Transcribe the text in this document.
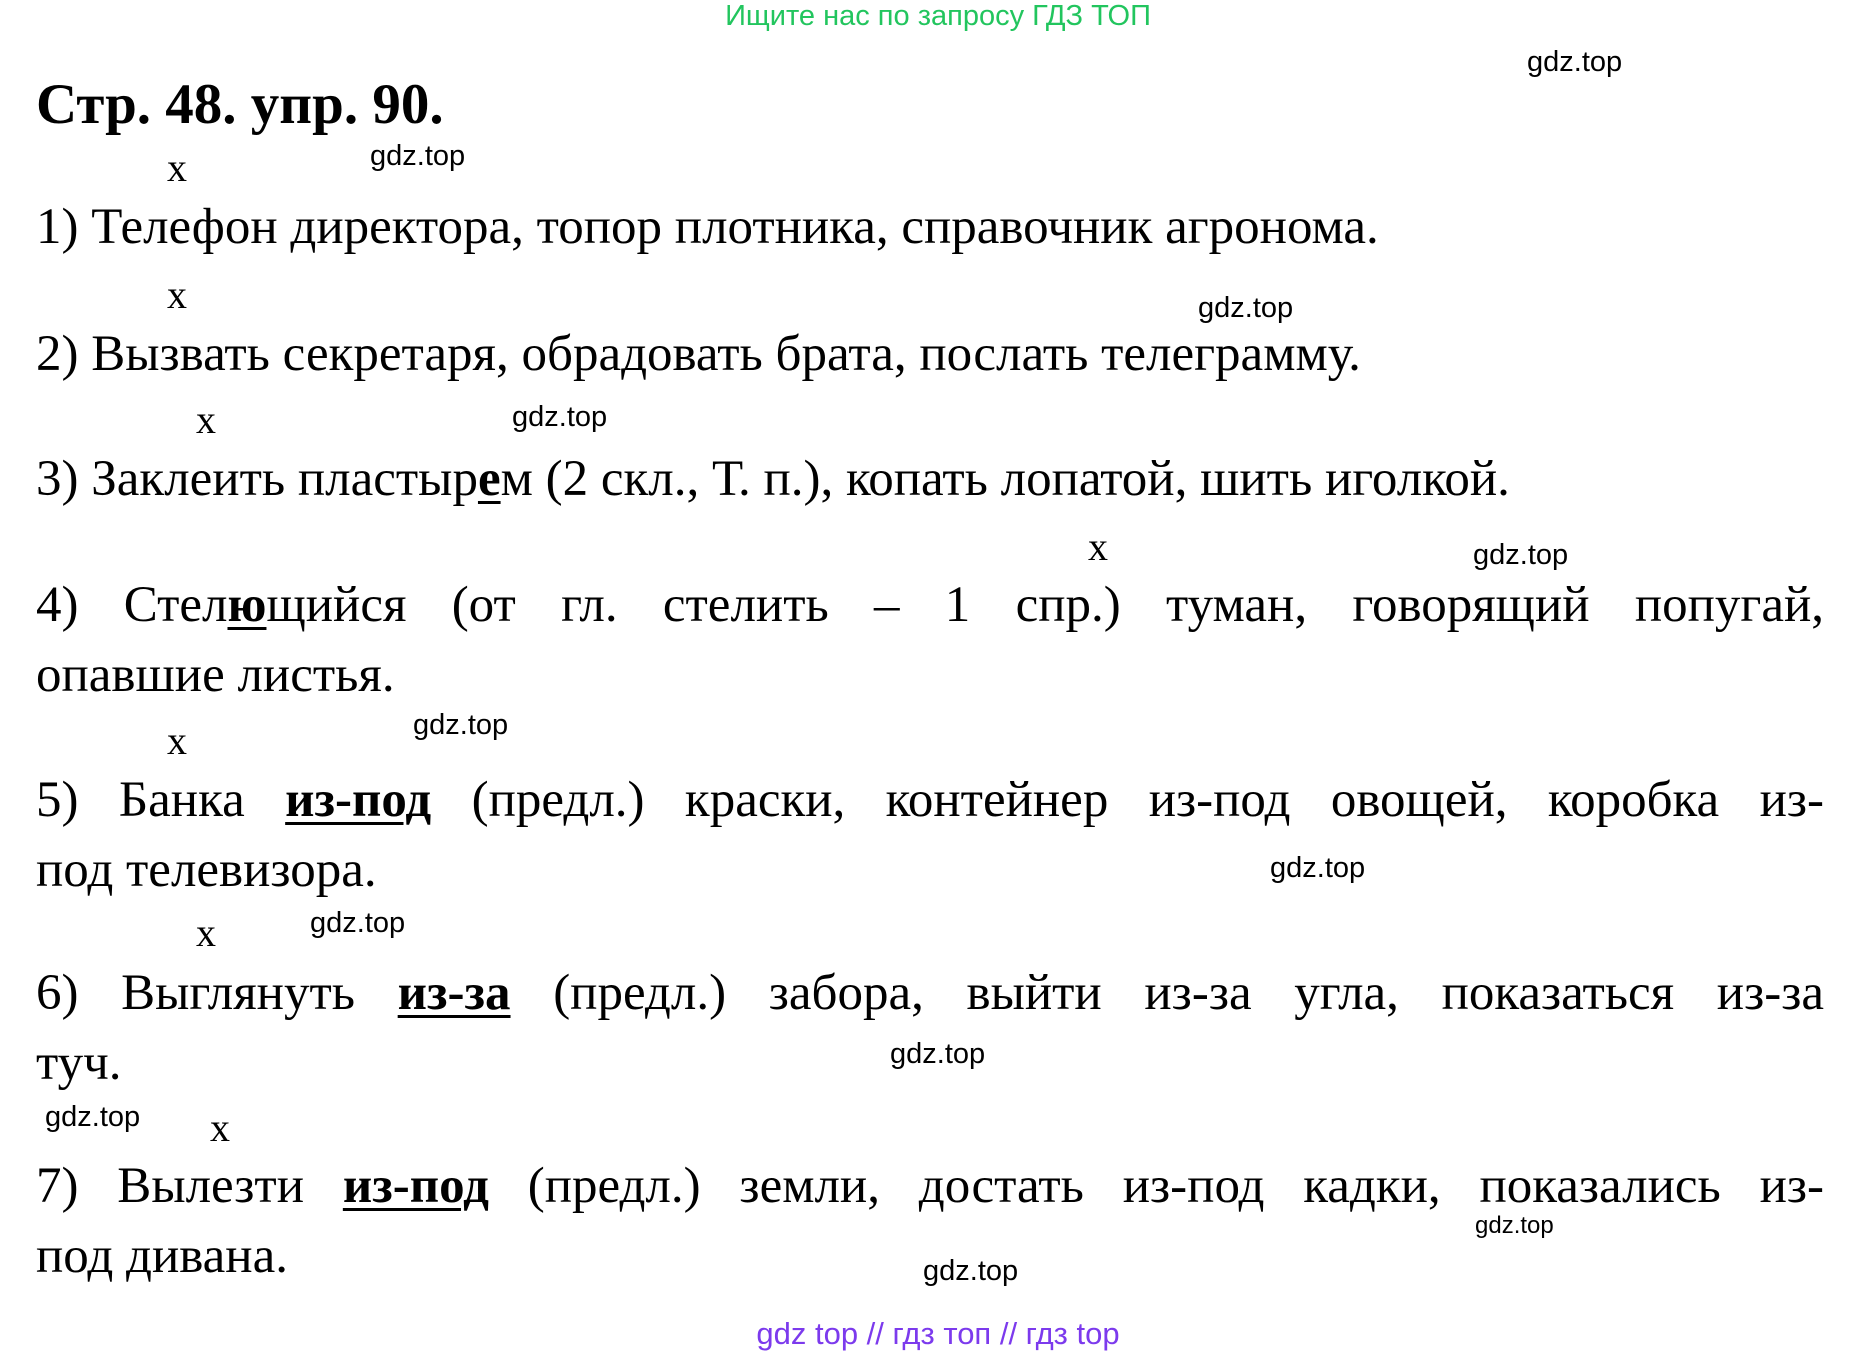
Ищите нас по запросу ГДЗ ТОП
Стр. 48. упр. 90.
gdz.top
gdz.top
gdz.top
gdz.top
gdz.top
gdz.top
gdz.top
gdz.top
gdz.top
gdz.top
gdz.top
gdz.top
x
x
x
x
x
x
x
1) Телефон директора, топор плотника, справочник агронома.
2) Вызвать секретаря, обрадовать брата, послать телеграмму.
3) Заклеить пластырем (2 скл., Т. п.), копать лопатой, шить иголкой.
4) Стелющийся (от гл. стелить – 1 спр.) туман, говорящий попугай,
опавшие листья.
5) Банка из-под (предл.) краски, контейнер из-под овощей, коробка из-
под телевизора.
6) Выглянуть из-за (предл.) забора, выйти из-за угла, показаться из-за
туч.
7) Вылезти из-под (предл.) земли, достать из-под кадки, показались из-
под дивана.
gdz top // гдз топ // гдз top
